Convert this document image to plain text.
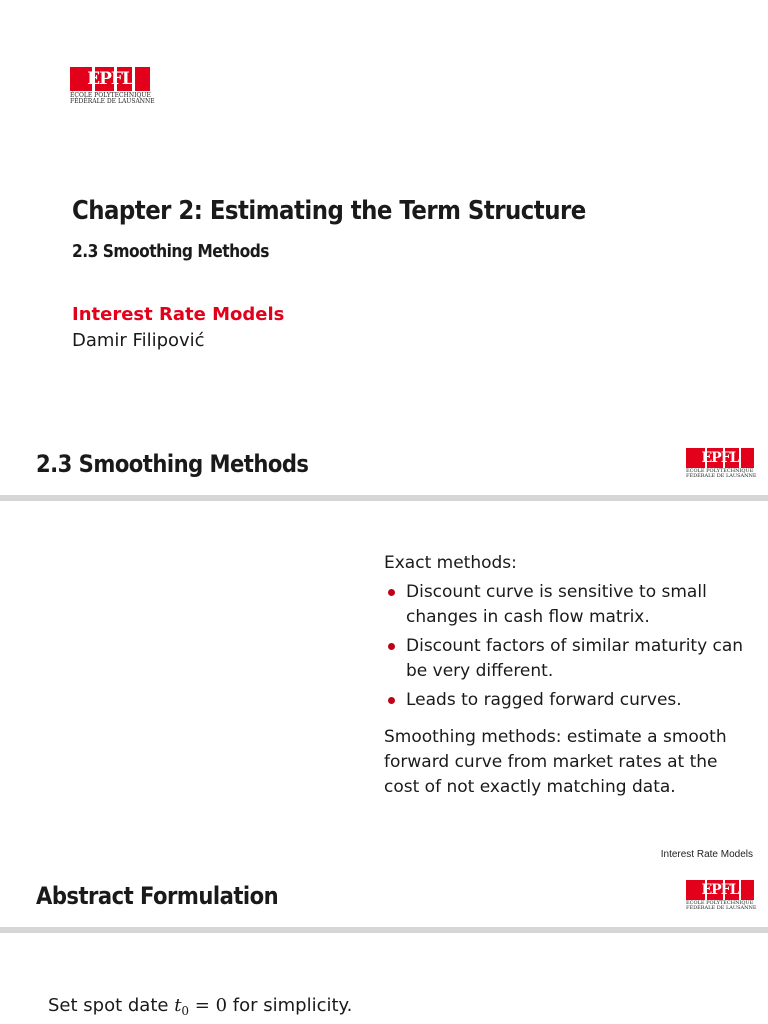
EPFL
ÉCOLE POLYTECHNIQUE
FÉDÉRALE DE LAUSANNE
Chapter 2: Estimating the Term Structure
2.3 Smoothing Methods
Interest Rate Models
Damir Filipović
2.3 Smoothing Methods	EPFL
ÉCOLE POLYTECHNIQUE
FÉDÉRALE DE LAUSANNE

Exact methods:

Discount curve is sensitive to small changes in cash flow matrix.
Discount factors of similar maturity can be very different.
Leads to ragged forward curves.

Smoothing methods: estimate a smooth forward curve from market rates at the cost of not exactly matching data.

Interest Rate Models
Abstract Formulation	EPFL
ÉCOLE POLYTECHNIQUE
FÉDÉRALE DE LAUSANNE
Set spot date $t_0 = 0$ for simplicity.
